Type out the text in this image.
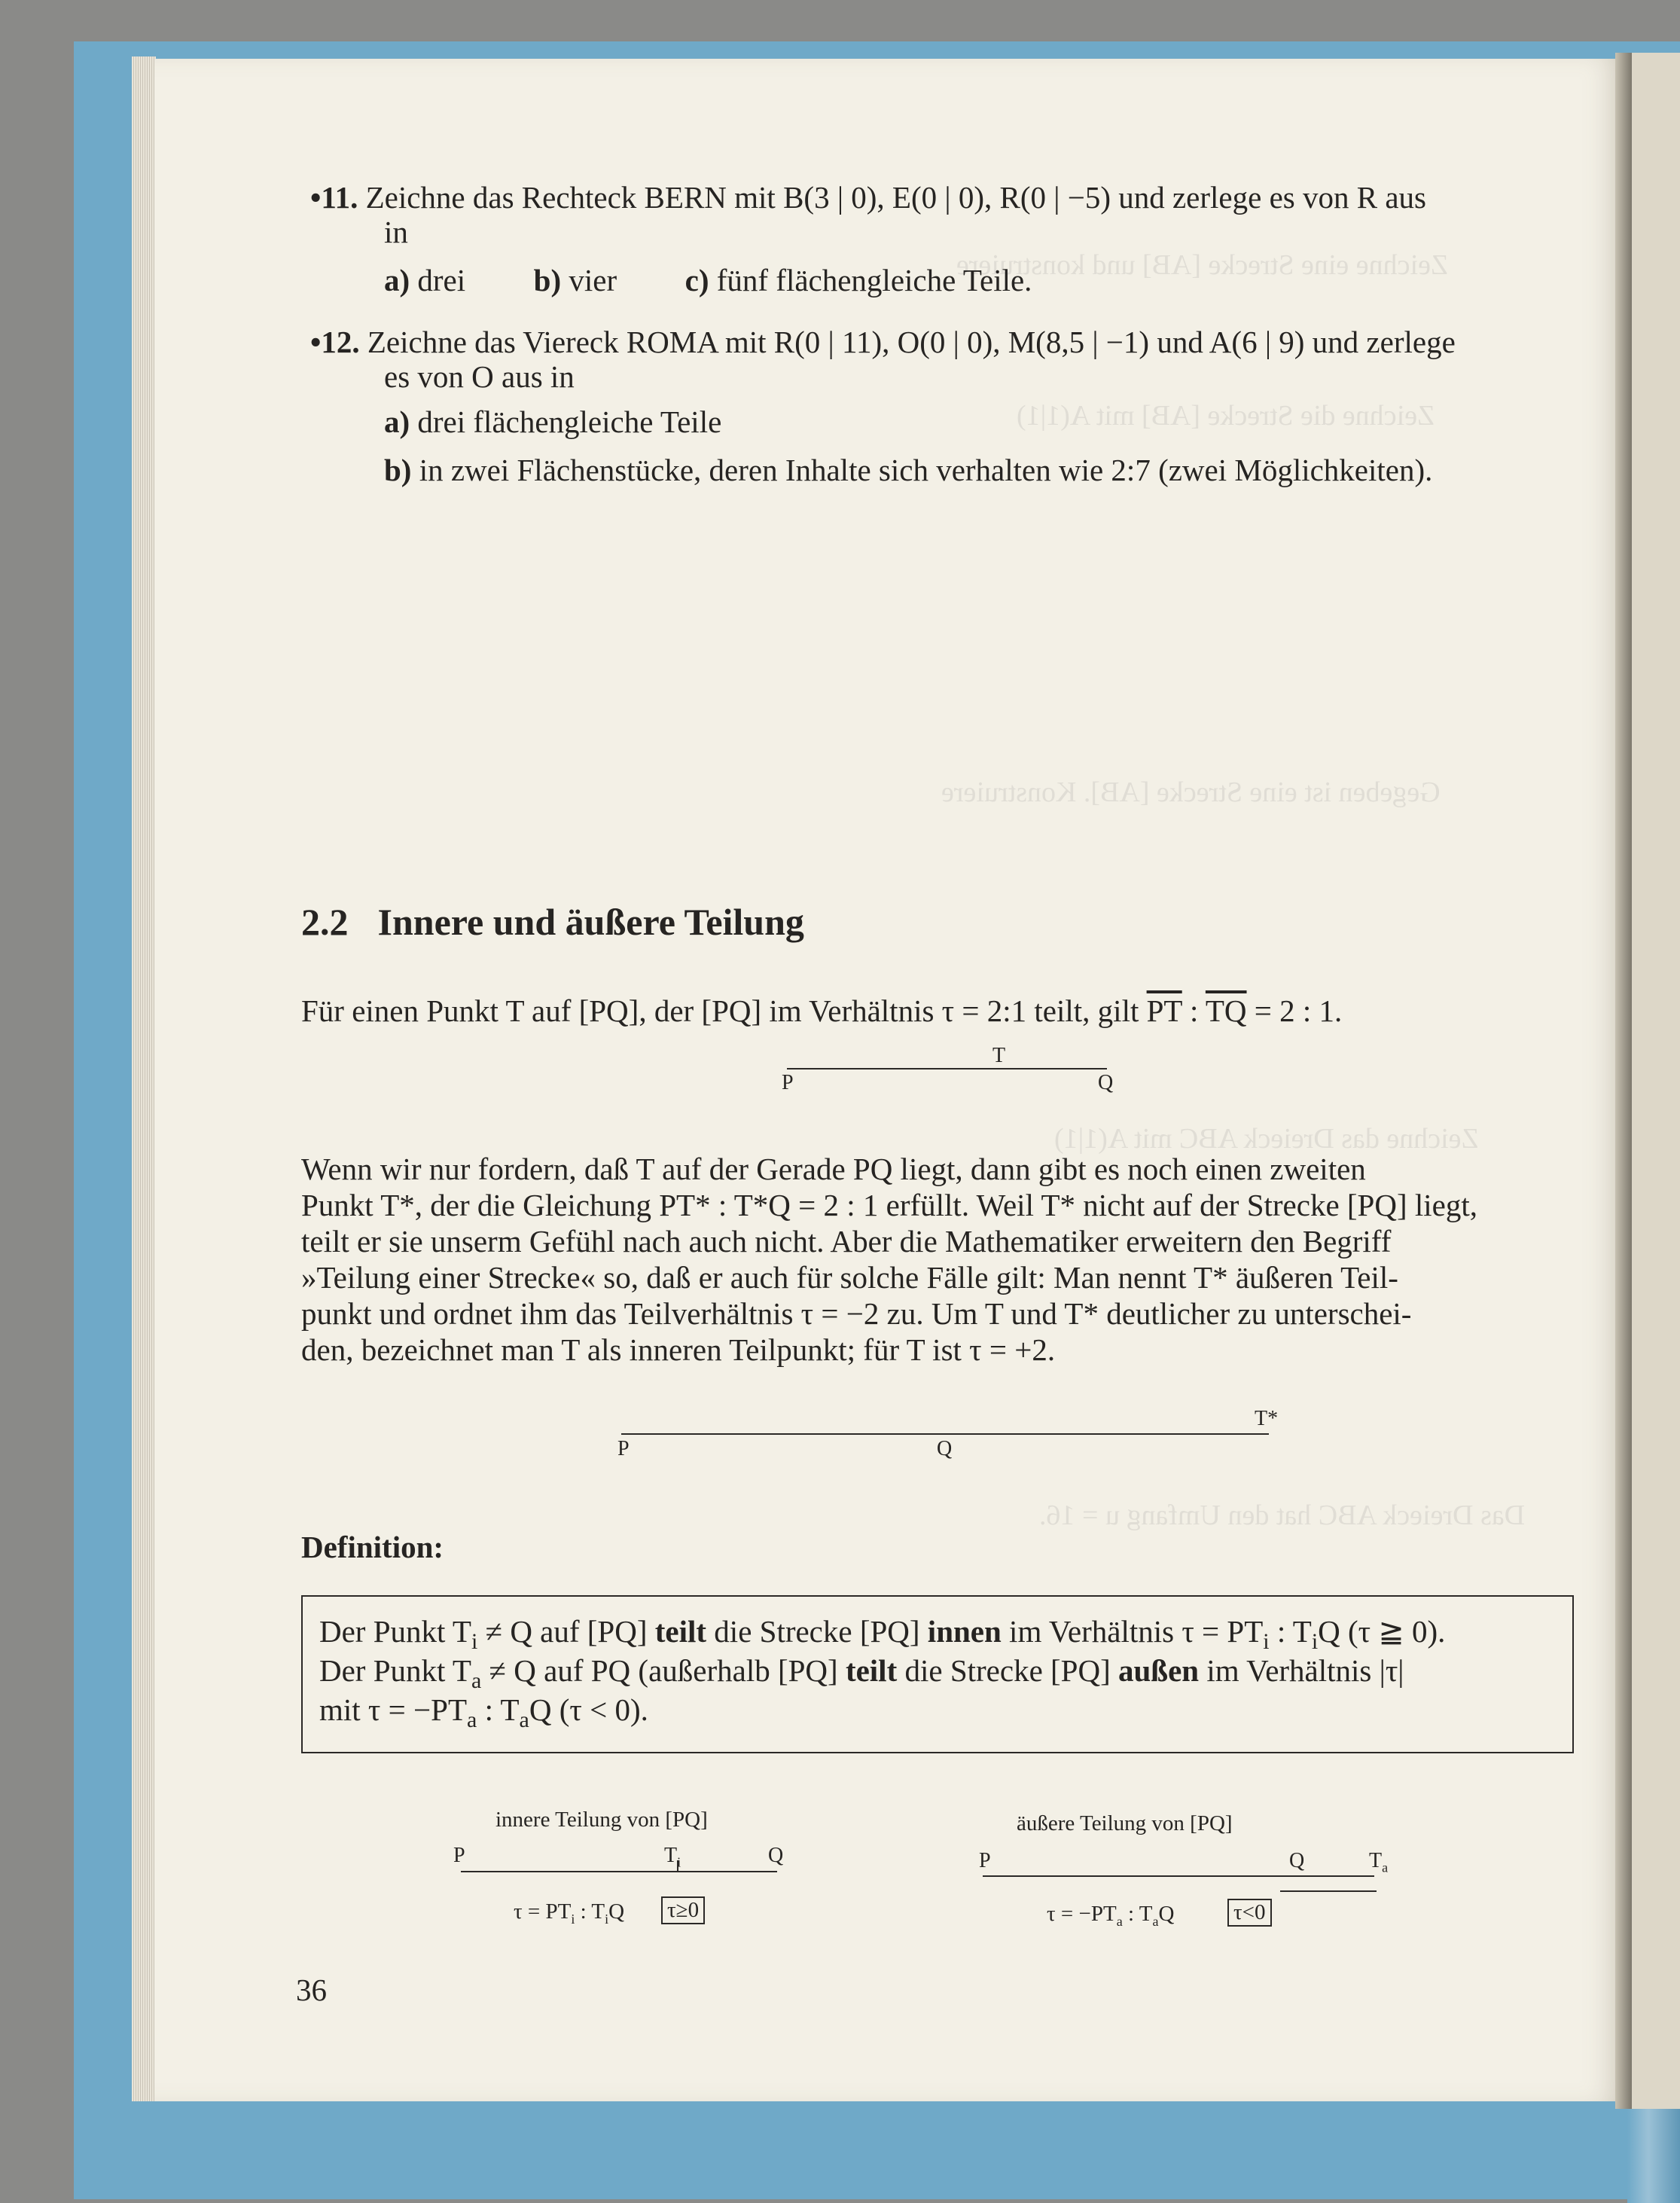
Zeichne eine Strecke [AB] und konstruiere
Zeichne die Strecke [AB] mit A(1|1)
Gegeben ist eine Strecke [AB]. Konstruiere
Zeichne das Dreieck ABC mit A(1|1)
Das Dreieck ABC hat den Umfang u = 16.
•11. Zeichne das Rechteck BERN mit B(3 | 0), E(0 | 0), R(0 | −5) und zerlege es von R aus
in
a) drei b) vier c) fünf flächengleiche Teile.
•12. Zeichne das Viereck ROMA mit R(0 | 11), O(0 | 0), M(8,5 | −1) und A(6 | 9) und zerlege
es von O aus in
a) drei flächengleiche Teile
b) in zwei Flächenstücke, deren Inhalte sich verhalten wie 2:7 (zwei Möglichkeiten).
2.2 Innere und äußere Teilung
Für einen Punkt T auf [PQ], der [PQ] im Verhältnis τ = 2:1 teilt, gilt $\overline{PT}$ : $\overline{TQ} = 2$ : 1.
P
T
Q
Wenn wir nur fordern, daß T auf der Gerade PQ liegt, dann gibt es noch einen zweiten
Punkt T*, der die Gleichung PT* : T*Q = 2 : 1 erfüllt. Weil T* nicht auf der Strecke [PQ] liegt,
teilt er sie unserm Gefühl nach auch nicht. Aber die Mathematiker erweitern den Begriff
»Teilung einer Strecke« so, daß er auch für solche Fälle gilt: Man nennt T* äußeren Teil-
punkt und ordnet ihm das Teilverhältnis τ = −2 zu. Um T und T* deutlicher zu unterschei-
den, bezeichnet man T als inneren Teilpunkt; für T ist τ = +2.
P	Q
T*
Definition:
Der Punkt $T_i \ne Q$ auf [PQ] teilt die Strecke [PQ] innen im Verhältnis $\tau = PT_i$ : $T_iQ$ (τ ≧ 0).
Der Punkt $T_a \ne Q$ auf PQ (außerhalb [PQ] teilt die Strecke [PQ] außen im Verhältnis |τ|
mit $\tau = -PT_a$ : $T_aQ$ (τ < 0).
innere Teilung von [PQ]
P	$T_i$	Q
$\tau = PT_i$ : $T_iQ$ τ≥0
äußere Teilung von [PQ]
P	Q	$T_a$
$\tau = -PT_a$ : $T_aQ$	τ<0
36
